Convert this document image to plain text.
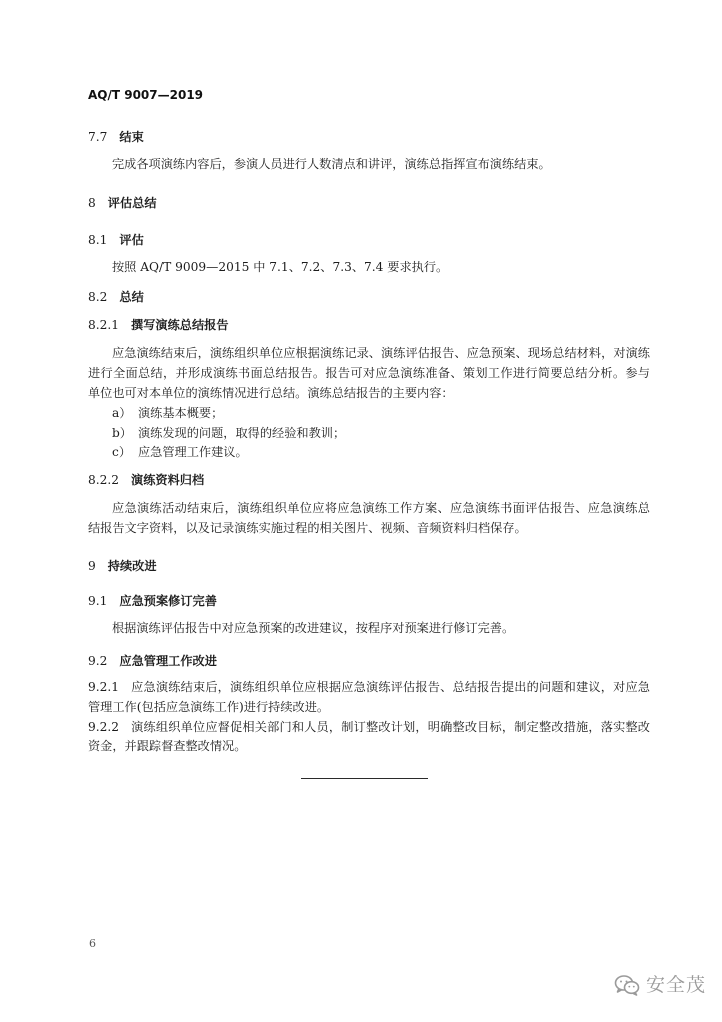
AQ/T 9007—2019
7.7 结束
完成各项演练内容后，参演人员进行人数清点和讲评，演练总指挥宣布演练结束。
8 评估总结
8.1 评估
按照 AQ/T 9009—2015 中 7.1、7.2、7.3、7.4 要求执行。
8.2 总结
8.2.1 撰写演练总结报告
应急演练结束后，演练组织单位应根据演练记录、演练评估报告、应急预案、现场总结材料，对演练
进行全面总结，并形成演练书面总结报告。报告可对应急演练准备、策划工作进行简要总结分析。参与
单位也可对本单位的演练情况进行总结。演练总结报告的主要内容：
a） 演练基本概要；
b） 演练发现的问题，取得的经验和教训；
c） 应急管理工作建议。
8.2.2 演练资料归档
应急演练活动结束后，演练组织单位应将应急演练工作方案、应急演练书面评估报告、应急演练总
结报告文字资料，以及记录演练实施过程的相关图片、视频、音频资料归档保存。
9 持续改进
9.1 应急预案修订完善
根据演练评估报告中对应急预案的改进建议，按程序对预案进行修订完善。
9.2 应急管理工作改进
9.2.1 应急演练结束后，演练组织单位应根据应急演练评估报告、总结报告提出的问题和建议，对应急
管理工作(包括应急演练工作)进行持续改进。
9.2.2 演练组织单位应督促相关部门和人员，制订整改计划，明确整改目标，制定整改措施，落实整改
资金，并跟踪督查整改情况。
6
安全茂
